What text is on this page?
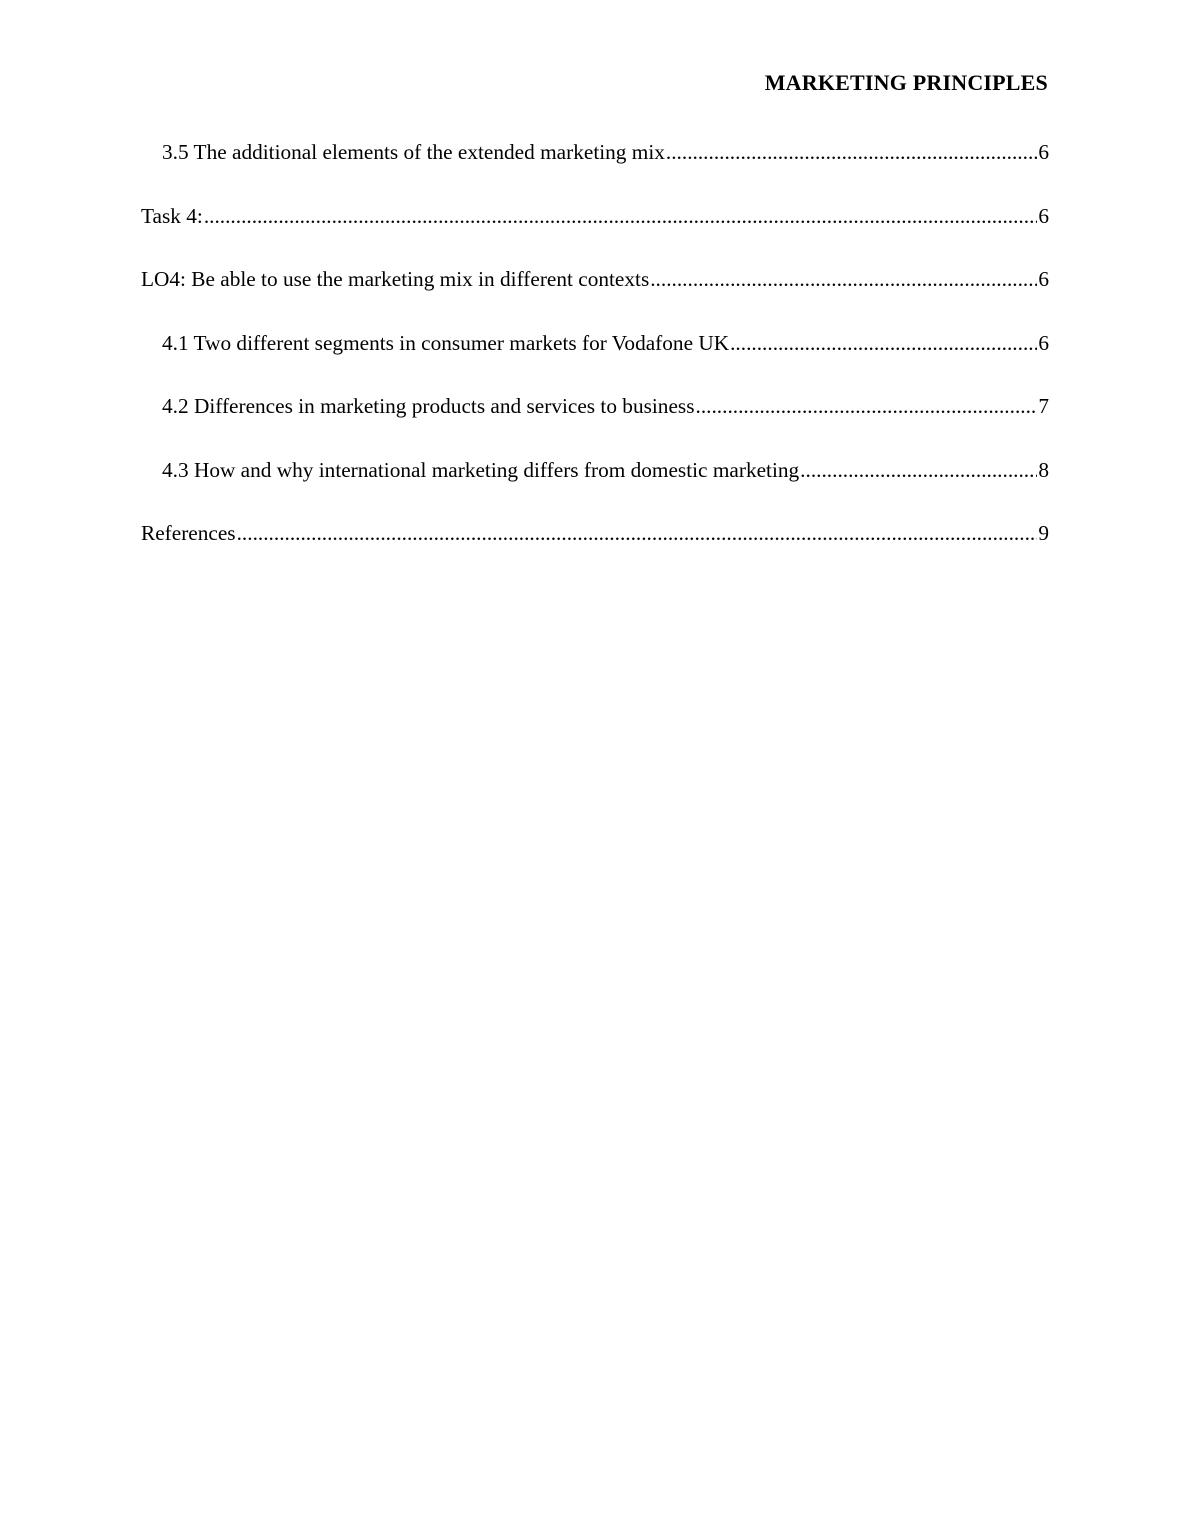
MARKETING PRINCIPLES
3.5 The additional elements of the extended marketing mix .....	6
Task 4: .....	6
LO4: Be able to use the marketing mix in different contexts .....	6
4.1 Two different segments in consumer markets for Vodafone UK .....	6
4.2 Differences in marketing products and services to business .....	7
4.3 How and why international marketing differs from domestic marketing .....	8
References .....	9
